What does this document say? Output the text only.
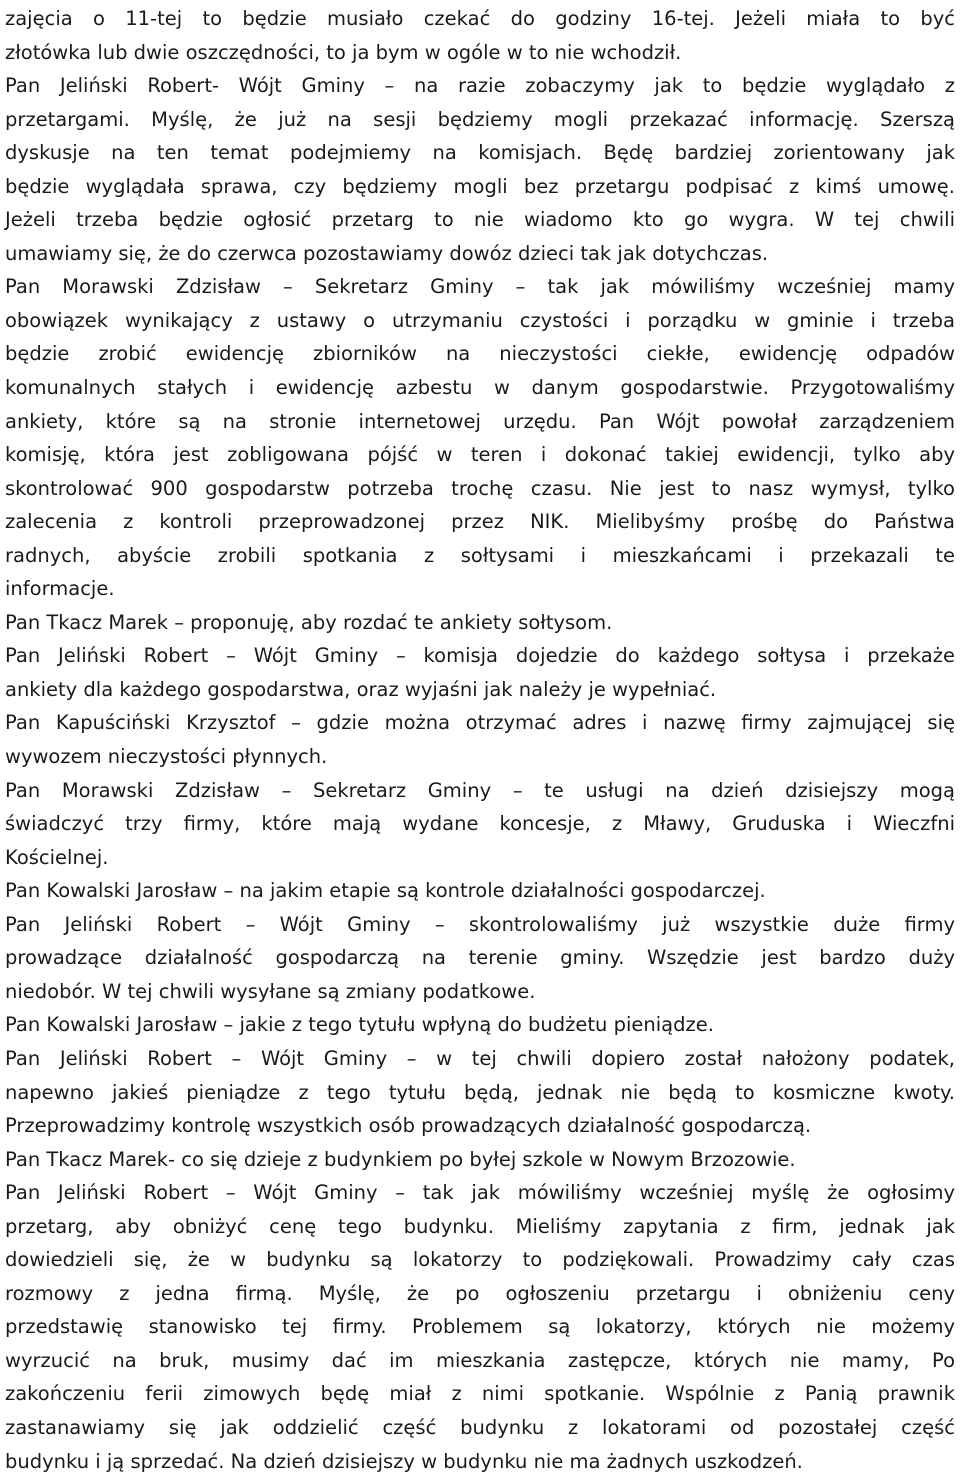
zajęcia o 11-tej to będzie musiało czekać do godziny 16-tej. Jeżeli miała to być
złotówka lub dwie oszczędności, to ja bym w ogóle w to nie wchodził.
Pan Jeliński Robert- Wójt Gminy – na razie zobaczymy jak to będzie wyglądało z
przetargami. Myślę, że już na sesji będziemy mogli przekazać informację. Szerszą
dyskusje na ten temat podejmiemy na komisjach. Będę bardziej zorientowany jak
będzie wyglądała sprawa, czy będziemy mogli bez przetargu podpisać z kimś umowę.
Jeżeli trzeba będzie ogłosić przetarg to nie wiadomo kto go wygra. W tej chwili
umawiamy się, że do czerwca pozostawiamy dowóz dzieci tak jak dotychczas.
Pan Morawski Zdzisław – Sekretarz Gminy – tak jak mówiliśmy wcześniej mamy
obowiązek wynikający z ustawy o utrzymaniu czystości i porządku w gminie i trzeba
będzie zrobić ewidencję zbiorników na nieczystości ciekłe, ewidencję odpadów
komunalnych stałych i ewidencję azbestu w danym gospodarstwie. Przygotowaliśmy
ankiety, które są na stronie internetowej urzędu. Pan Wójt powołał zarządzeniem
komisję, która jest zobligowana pójść w teren i dokonać takiej ewidencji, tylko aby
skontrolować 900 gospodarstw potrzeba trochę czasu. Nie jest to nasz wymysł, tylko
zalecenia z kontroli przeprowadzonej przez NIK. Mielibyśmy prośbę do Państwa
radnych, abyście zrobili spotkania z sołtysami i mieszkańcami i przekazali te
informacje.
Pan Tkacz Marek – proponuję, aby rozdać te ankiety sołtysom.
Pan Jeliński Robert – Wójt Gminy – komisja dojedzie do każdego sołtysa i przekaże
ankiety dla każdego gospodarstwa, oraz wyjaśni jak należy je wypełniać.
Pan Kapuściński Krzysztof – gdzie można otrzymać adres i nazwę firmy zajmującej się
wywozem nieczystości płynnych.
Pan Morawski Zdzisław – Sekretarz Gminy – te usługi na dzień dzisiejszy mogą
świadczyć trzy firmy, które mają wydane koncesje, z Mławy, Gruduska i Wieczfni
Kościelnej.
Pan Kowalski Jarosław – na jakim etapie są kontrole działalności gospodarczej.
Pan Jeliński Robert – Wójt Gminy – skontrolowaliśmy już wszystkie duże firmy
prowadzące działalność gospodarczą na terenie gminy. Wszędzie jest bardzo duży
niedobór. W tej chwili wysyłane są zmiany podatkowe.
Pan Kowalski Jarosław – jakie z tego tytułu wpłyną do budżetu pieniądze.
Pan Jeliński Robert – Wójt Gminy – w tej chwili dopiero został nałożony podatek,
napewno jakieś pieniądze z tego tytułu będą, jednak nie będą to kosmiczne kwoty.
Przeprowadzimy kontrolę wszystkich osób prowadzących działalność gospodarczą.
Pan Tkacz Marek- co się dzieje z budynkiem po byłej szkole w Nowym Brzozowie.
Pan Jeliński Robert – Wójt Gminy – tak jak mówiliśmy wcześniej myślę że ogłosimy
przetarg, aby obniżyć cenę tego budynku. Mieliśmy zapytania z firm, jednak jak
dowiedzieli się, że w budynku są lokatorzy to podziękowali. Prowadzimy cały czas
rozmowy z jedna firmą. Myślę, że po ogłoszeniu przetargu i obniżeniu ceny
przedstawię stanowisko tej firmy. Problemem są lokatorzy, których nie możemy
wyrzucić na bruk, musimy dać im mieszkania zastępcze, których nie mamy, Po
zakończeniu ferii zimowych będę miał z nimi spotkanie. Wspólnie z Panią prawnik
zastanawiamy się jak oddzielić część budynku z lokatorami od pozostałej część
budynku i ją sprzedać. Na dzień dzisiejszy w budynku nie ma żadnych uszkodzeń.
